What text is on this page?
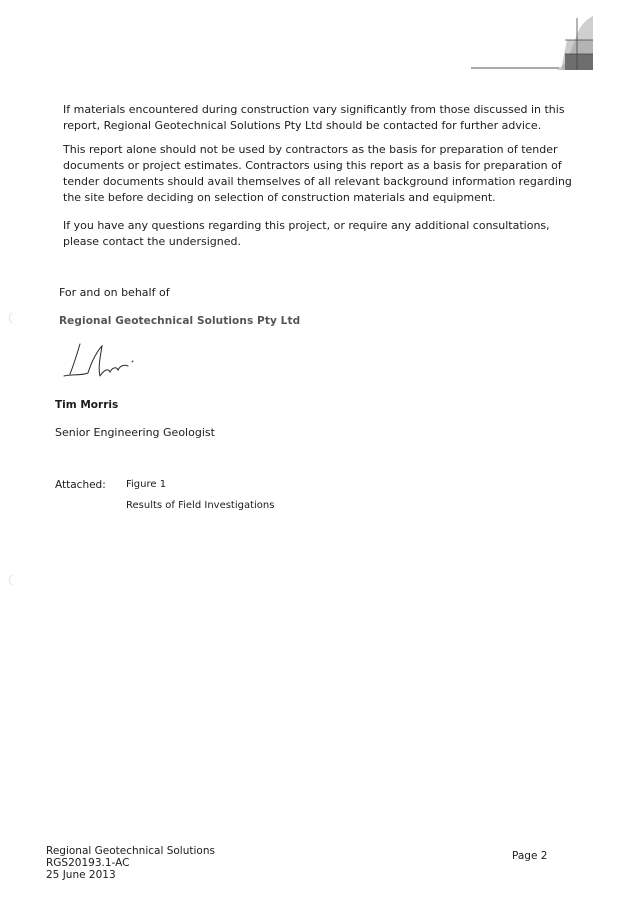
If materials encountered during construction vary significantly from those discussed in this report, Regional Geotechnical Solutions Pty Ltd should be contacted for further advice.

This report alone should not be used by contractors as the basis for preparation of tender documents or project estimates. Contractors using this report as a basis for preparation of tender documents should avail themselves of all relevant background information regarding the site before deciding on selection of construction materials and equipment.

If you have any questions regarding this project, or require any additional consultations, please contact the undersigned.

For and on behalf of
Regional Geotechnical Solutions Pty Ltd
Tim Morris
Senior Engineering Geologist
Attached: Figure 1
Results of Field Investigations
Regional Geotechnical Solutions
RGS20193.1-AC
25 June 2013
Page 2
